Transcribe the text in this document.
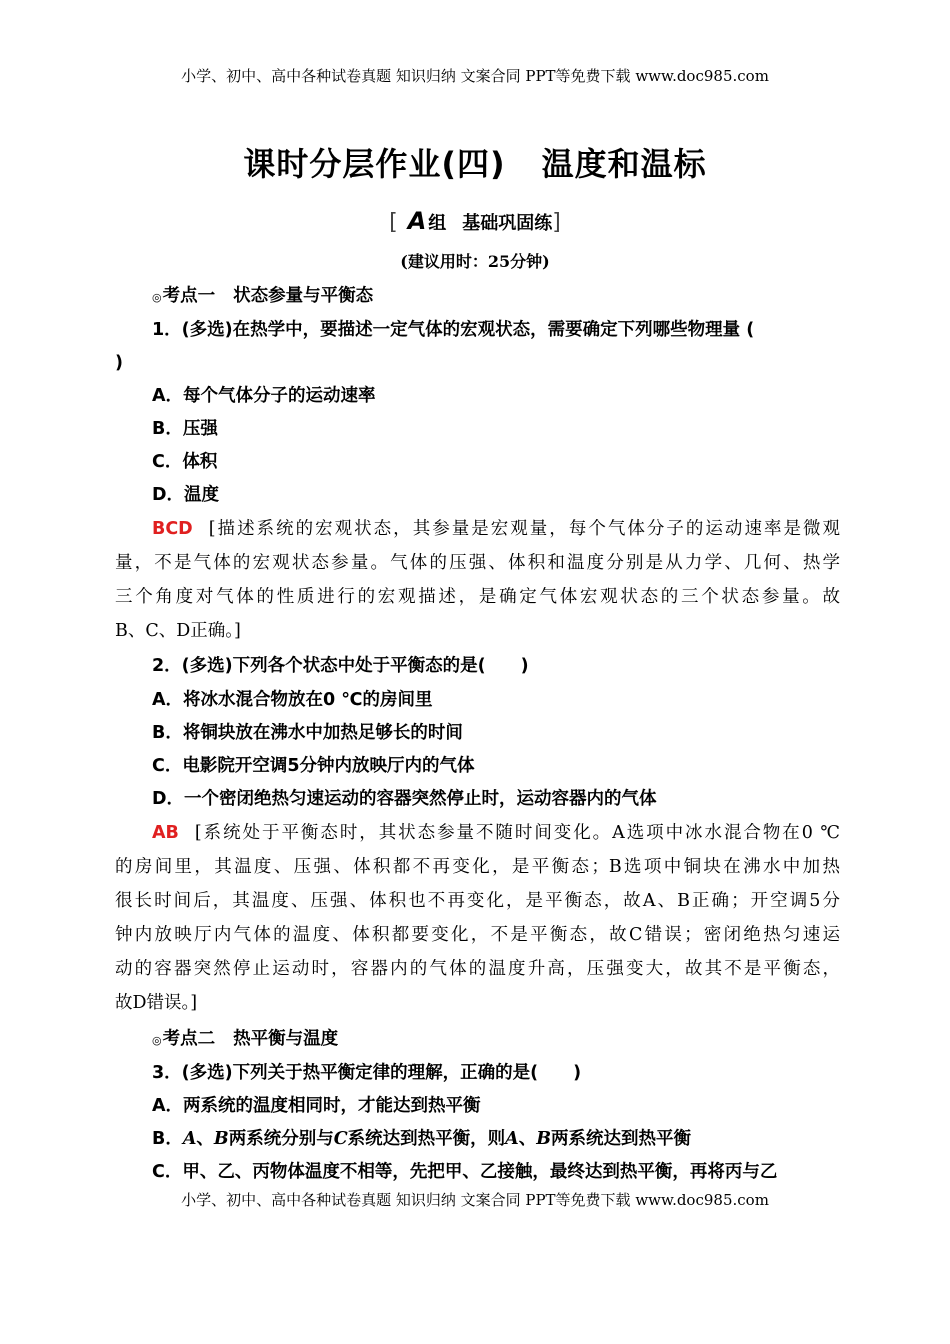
小学、初中、高中各种试卷真题 知识归纳 文案合同 PPT等免费下载 www.doc985.com
课时分层作业(四) 温度和温标
[ A 组 基础巩固练]
(建议用时：25分钟)
◎考点一 状态参量与平衡态
1．(多选)在热学中，要描述一定气体的宏观状态，需要确定下列哪些物理量 (
)
A．每个气体分子的运动速率
B．压强
C．体积
D．温度
BCD [描述系统的宏观状态，其参量是宏观量，每个气体分子的运动速率是微观
量，不是气体的宏观状态参量。气体的压强、体积和温度分别是从力学、几何、热学
三个角度对气体的性质进行的宏观描述，是确定气体宏观状态的三个状态参量。故
B、C、D正确。]
2．(多选)下列各个状态中处于平衡态的是(　　)
A．将冰水混合物放在0 ℃的房间里
B．将铜块放在沸水中加热足够长的时间
C．电影院开空调5分钟内放映厅内的气体
D．一个密闭绝热匀速运动的容器突然停止时，运动容器内的气体
AB [系统处于平衡态时，其状态参量不随时间变化。A选项中冰水混合物在0 ℃
的房间里，其温度、压强、体积都不再变化，是平衡态；B选项中铜块在沸水中加热
很长时间后，其温度、压强、体积也不再变化，是平衡态，故A、B正确；开空调5分
钟内放映厅内气体的温度、体积都要变化，不是平衡态，故C错误；密闭绝热匀速运
动的容器突然停止运动时，容器内的气体的温度升高，压强变大，故其不是平衡态，
故D错误。]
◎考点二 热平衡与温度
3．(多选)下列关于热平衡定律的理解，正确的是(　　)
A．两系统的温度相同时，才能达到热平衡
B．A、B两系统分别与C系统达到热平衡，则A、B两系统达到热平衡
C．甲、乙、丙物体温度不相等，先把甲、乙接触，最终达到热平衡，再将丙与乙
小学、初中、高中各种试卷真题 知识归纳 文案合同 PPT等免费下载 www.doc985.com
